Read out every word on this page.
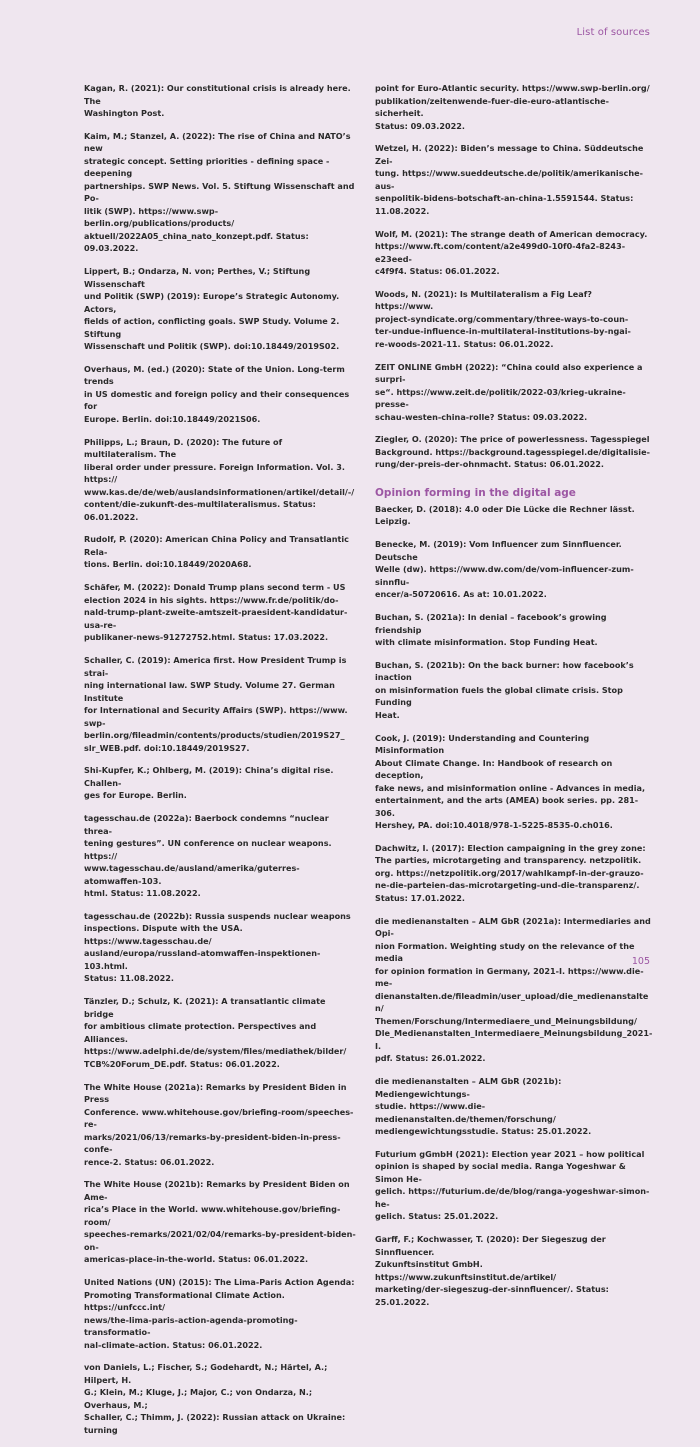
List of sources

Kagan, R. (2021): Our constitutional crisis is already here. The
Washington Post.

Kaim, M.; Stanzel, A. (2022): The rise of China and NATO’s new
strategic concept. Setting priorities - defining space - deepening
partnerships. SWP News. Vol. 5. Stiftung Wissenschaft and Po-
litik (SWP). https://www.swp-berlin.org/publications/products/
aktuell/2022A05_china_nato_konzept.pdf. Status: 09.03.2022.

Lippert, B.; Ondarza, N. von; Perthes, V.; Stiftung Wissenschaft
und Politik (SWP) (2019): Europe’s Strategic Autonomy. Actors,
fields of action, conflicting goals. SWP Study. Volume 2. Stiftung
Wissenschaft und Politik (SWP). doi:10.18449/2019S02.

Overhaus, M. (ed.) (2020): State of the Union. Long-term trends
in US domestic and foreign policy and their consequences for
Europe. Berlin. doi:10.18449/2021S06.

Philipps, L.; Braun, D. (2020): The future of multilateralism. The
liberal order under pressure. Foreign Information. Vol. 3. https://
www.kas.de/de/web/auslandsinformationen/artikel/detail/-/
content/die-zukunft-des-multilateralismus. Status: 06.01.2022.

Rudolf, P. (2020): American China Policy and Transatlantic Rela-
tions. Berlin. doi:10.18449/2020A68.

Schäfer, M. (2022): Donald Trump plans second term - US
election 2024 in his sights. https://www.fr.de/politik/do-
nald-trump-plant-zweite-amtszeit-praesident-kandidatur-usa-re-
publikaner-news-91272752.html. Status: 17.03.2022.

Schaller, C. (2019): America first. How President Trump is strai-
ning international law. SWP Study. Volume 27. German Institute
for International and Security Affairs (SWP). https://www.
swp-berlin.org/fileadmin/contents/products/studien/2019S27_
slr_WEB.pdf. doi:10.18449/2019S27.

Shi-Kupfer, K.; Ohlberg, M. (2019): China’s digital rise. Challen-
ges for Europe. Berlin.

tagesschau.de (2022a): Baerbock condemns “nuclear threa-
tening gestures”. UN conference on nuclear weapons. https://
www.tagesschau.de/ausland/amerika/guterres-atomwaffen-103.
html. Status: 11.08.2022.

tagesschau.de (2022b): Russia suspends nuclear weapons
inspections. Dispute with the USA. https://www.tagesschau.de/
ausland/europa/russland-atomwaffen-inspektionen-103.html.
Status: 11.08.2022.

Tänzler, D.; Schulz, K. (2021): A transatlantic climate bridge
for ambitious climate protection. Perspectives and Alliances.
https://www.adelphi.de/de/system/files/mediathek/bilder/
TCB%20Forum_DE.pdf. Status: 06.01.2022.

The White House (2021a): Remarks by President Biden in Press
Conference. www.whitehouse.gov/briefing-room/speeches-re-
marks/2021/06/13/remarks-by-president-biden-in-press-confe-
rence-2. Status: 06.01.2022.

The White House (2021b): Remarks by President Biden on Ame-
rica’s Place in the World. www.whitehouse.gov/briefing-room/
speeches-remarks/2021/02/04/remarks-by-president-biden-on-
americas-place-in-the-world. Status: 06.01.2022.

United Nations (UN) (2015): The Lima-Paris Action Agenda:
Promoting Transformational Climate Action. https://unfccc.int/
news/the-lima-paris-action-agenda-promoting-transformatio-
nal-climate-action. Status: 06.01.2022.

von Daniels, L.; Fischer, S.; Godehardt, N.; Härtel, A.; Hilpert, H.
G.; Klein, M.; Kluge, J.; Major, C.; von Ondarza, N.; Overhaus, M.;
Schaller, C.; Thimm, J. (2022): Russian attack on Ukraine: turning

point for Euro-Atlantic security. https://www.swp-berlin.org/
publikation/zeitenwende-fuer-die-euro-atlantische-sicherheit.
Status: 09.03.2022.

Wetzel, H. (2022): Biden’s message to China. Süddeutsche Zei-
tung. https://www.sueddeutsche.de/politik/amerikanische-aus-
senpolitik-bidens-botschaft-an-china-1.5591544. Status:
11.08.2022.

Wolf, M. (2021): The strange death of American democracy.
https://www.ft.com/content/a2e499d0-10f0-4fa2-8243-e23eed-
c4f9f4. Status: 06.01.2022.

Woods, N. (2021): Is Multilateralism a Fig Leaf? https://www.
project-syndicate.org/commentary/three-ways-to-coun-
ter-undue-influence-in-multilateral-institutions-by-ngai-
re-woods-2021-11. Status: 06.01.2022.

ZEIT ONLINE GmbH (2022): “China could also experience a surpri-
se“. https://www.zeit.de/politik/2022-03/krieg-ukraine-presse-
schau-westen-china-rolle? Status: 09.03.2022.

Ziegler, O. (2020): The price of powerlessness. Tagesspiegel
Background. https://background.tagesspiegel.de/digitalisie-
rung/der-preis-der-ohnmacht. Status: 06.01.2022.

Opinion forming in the digital age

Baecker, D. (2018): 4.0 oder Die Lücke die Rechner lässt. Leipzig.

Benecke, M. (2019): Vom Influencer zum Sinnfluencer. Deutsche
Welle (dw). https://www.dw.com/de/vom-influencer-zum-sinnflu-
encer/a-50720616. As at: 10.01.2022.

Buchan, S. (2021a): In denial – facebook’s growing friendship
with climate misinformation. Stop Funding Heat.

Buchan, S. (2021b): On the back burner: how facebook’s inaction
on misinformation fuels the global climate crisis. Stop Funding
Heat.

Cook, J. (2019): Understanding and Countering Misinformation
About Climate Change. In: Handbook of research on deception,
fake news, and misinformation online - Advances in media,
entertainment, and the arts (AMEA) book series. pp. 281-306.
Hershey, PA. doi:10.4018/978-1-5225-8535-0.ch016.

Dachwitz, I. (2017): Election campaigning in the grey zone:
The parties, microtargeting and transparency. netzpolitik.
org. https://netzpolitik.org/2017/wahlkampf-in-der-grauzo-
ne-die-parteien-das-microtargeting-und-die-transparenz/.
Status: 17.01.2022.

die medienanstalten – ALM GbR (2021a): Intermediaries and Opi-
nion Formation. Weighting study on the relevance of the media
for opinion formation in Germany, 2021-I. https://www.die-me-
dienanstalten.de/fileadmin/user_upload/die_medienanstalten/
Themen/Forschung/Intermediaere_und_Meinungsbildung/
Dle_Medienanstalten_Intermediaere_Meinungsbildung_2021-I.
pdf. Status: 26.01.2022.

die medienanstalten – ALM GbR (2021b): Mediengewichtungs-
studie. https://www.die-medienanstalten.de/themen/forschung/
mediengewichtungsstudie. Status: 25.01.2022.

Futurium gGmbH (2021): Election year 2021 – how political
opinion is shaped by social media. Ranga Yogeshwar & Simon He-
gelich. https://futurium.de/de/blog/ranga-yogeshwar-simon-he-
gelich. Status: 25.01.2022.

Garff, F.; Kochwasser, T. (2020): Der Siegeszug der Sinnfluencer.
Zukunftsinstitut GmbH. https://www.zukunftsinstitut.de/artikel/
marketing/der-siegeszug-der-sinnfluencer/. Status: 25.01.2022.

105
